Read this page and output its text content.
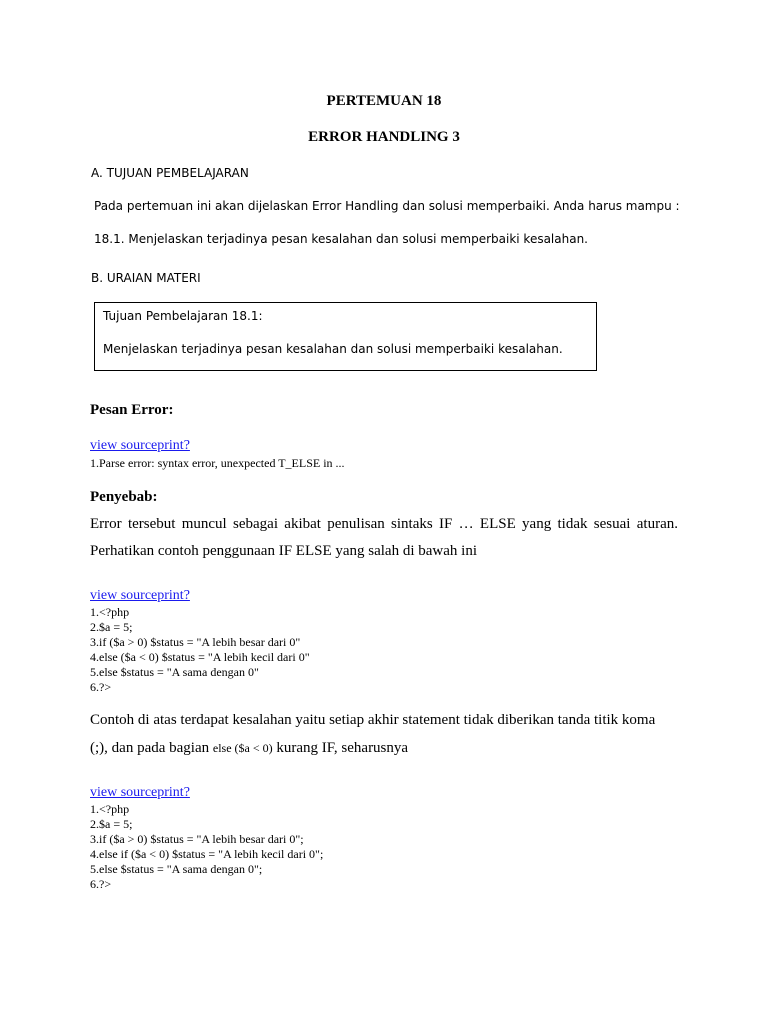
PERTEMUAN 18
ERROR HANDLING 3
A. TUJUAN PEMBELAJARAN
Pada pertemuan ini akan dijelaskan Error Handling dan solusi memperbaiki. Anda harus mampu :
18.1. Menjelaskan terjadinya pesan kesalahan dan solusi memperbaiki kesalahan.
B. URAIAN MATERI
Tujuan Pembelajaran 18.1:
Menjelaskan terjadinya pesan kesalahan dan solusi memperbaiki kesalahan.
Pesan Error:
view sourceprint?
1.Parse error: syntax error, unexpected T_ELSE in ...
Penyebab:
Error tersebut muncul sebagai akibat penulisan sintaks IF … ELSE yang tidak sesuai aturan.
Perhatikan contoh penggunaan IF ELSE yang salah di bawah ini
view sourceprint?
1.<?php
2.$a = 5;
3.if ($a > 0) $status = "A lebih besar dari 0"
4.else ($a < 0) $status = "A lebih kecil dari 0"
5.else $status = "A sama dengan 0"
6.?>
Contoh di atas terdapat kesalahan yaitu setiap akhir statement tidak diberikan tanda titik koma
(;), dan pada bagian else ($a < 0) kurang IF, seharusnya
view sourceprint?
1.<?php
2.$a = 5;
3.if ($a > 0) $status = "A lebih besar dari 0";
4.else if ($a < 0) $status = "A lebih kecil dari 0";
5.else $status = "A sama dengan 0";
6.?>
